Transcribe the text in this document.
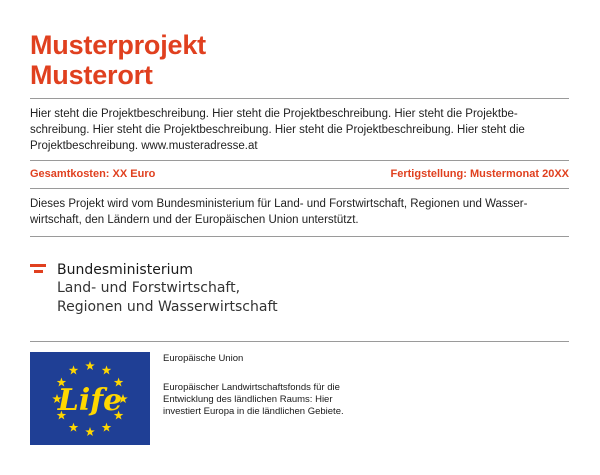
Musterprojekt
Musterort

Hier steht die Projektbeschreibung. Hier steht die Projektbeschreibung. Hier steht die Projektbe-schreibung. Hier steht die Projektbeschreibung. Hier steht die Projektbeschreibung. Hier steht die Projektbeschreibung. www.musteradresse.at

Gesamtkosten: XX Euro	Fertigstellung: Mustermonat 20XX

Dieses Projekt wird vom Bundesministerium für Land- und Forstwirtschaft, Regionen und Wasser-wirtschaft, den Ländern und der Europäischen Union unterstützt.

Bundesministerium
Land- und Forstwirtschaft,
Regionen und Wasserwirtschaft
Life

Europäische Union

Europäischer Landwirtschaftsfonds für die Entwicklung des ländlichen Raums: Hier investiert Europa in die ländlichen Gebiete.
